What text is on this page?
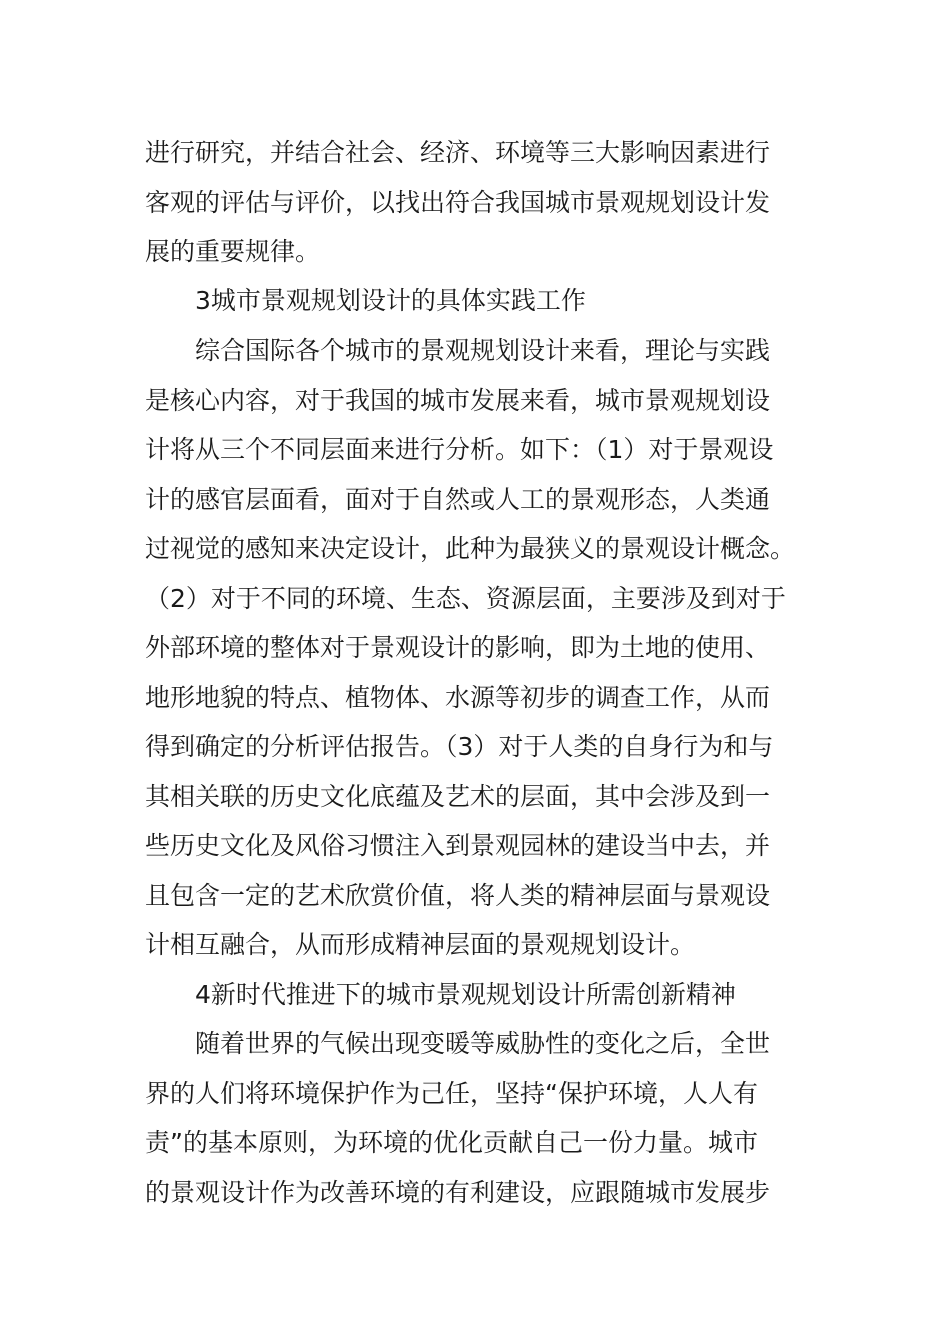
进行研究，并结合社会、经济、环境等三大影响因素进行
客观的评估与评价，以找出符合我国城市景观规划设计发
展的重要规律。
3城市景观规划设计的具体实践工作
综合国际各个城市的景观规划设计来看，理论与实践
是核心内容，对于我国的城市发展来看，城市景观规划设
计将从三个不同层面来进行分析。如下：（1）对于景观设
计的感官层面看，面对于自然或人工的景观形态，人类通
过视觉的感知来决定设计，此种为最狭义的景观设计概念。
（2）对于不同的环境、生态、资源层面，主要涉及到对于
外部环境的整体对于景观设计的影响，即为土地的使用、
地形地貌的特点、植物体、水源等初步的调查工作，从而
得到确定的分析评估报告。（3）对于人类的自身行为和与
其相关联的历史文化底蕴及艺术的层面，其中会涉及到一
些历史文化及风俗习惯注入到景观园林的建设当中去，并
且包含一定的艺术欣赏价值，将人类的精神层面与景观设
计相互融合，从而形成精神层面的景观规划设计。
4新时代推进下的城市景观规划设计所需创新精神
随着世界的气候出现变暖等威胁性的变化之后，全世
界的人们将环境保护作为己任，坚持“保护环境，人人有
责”的基本原则，为环境的优化贡献自己一份力量。城市
的景观设计作为改善环境的有利建设，应跟随城市发展步
